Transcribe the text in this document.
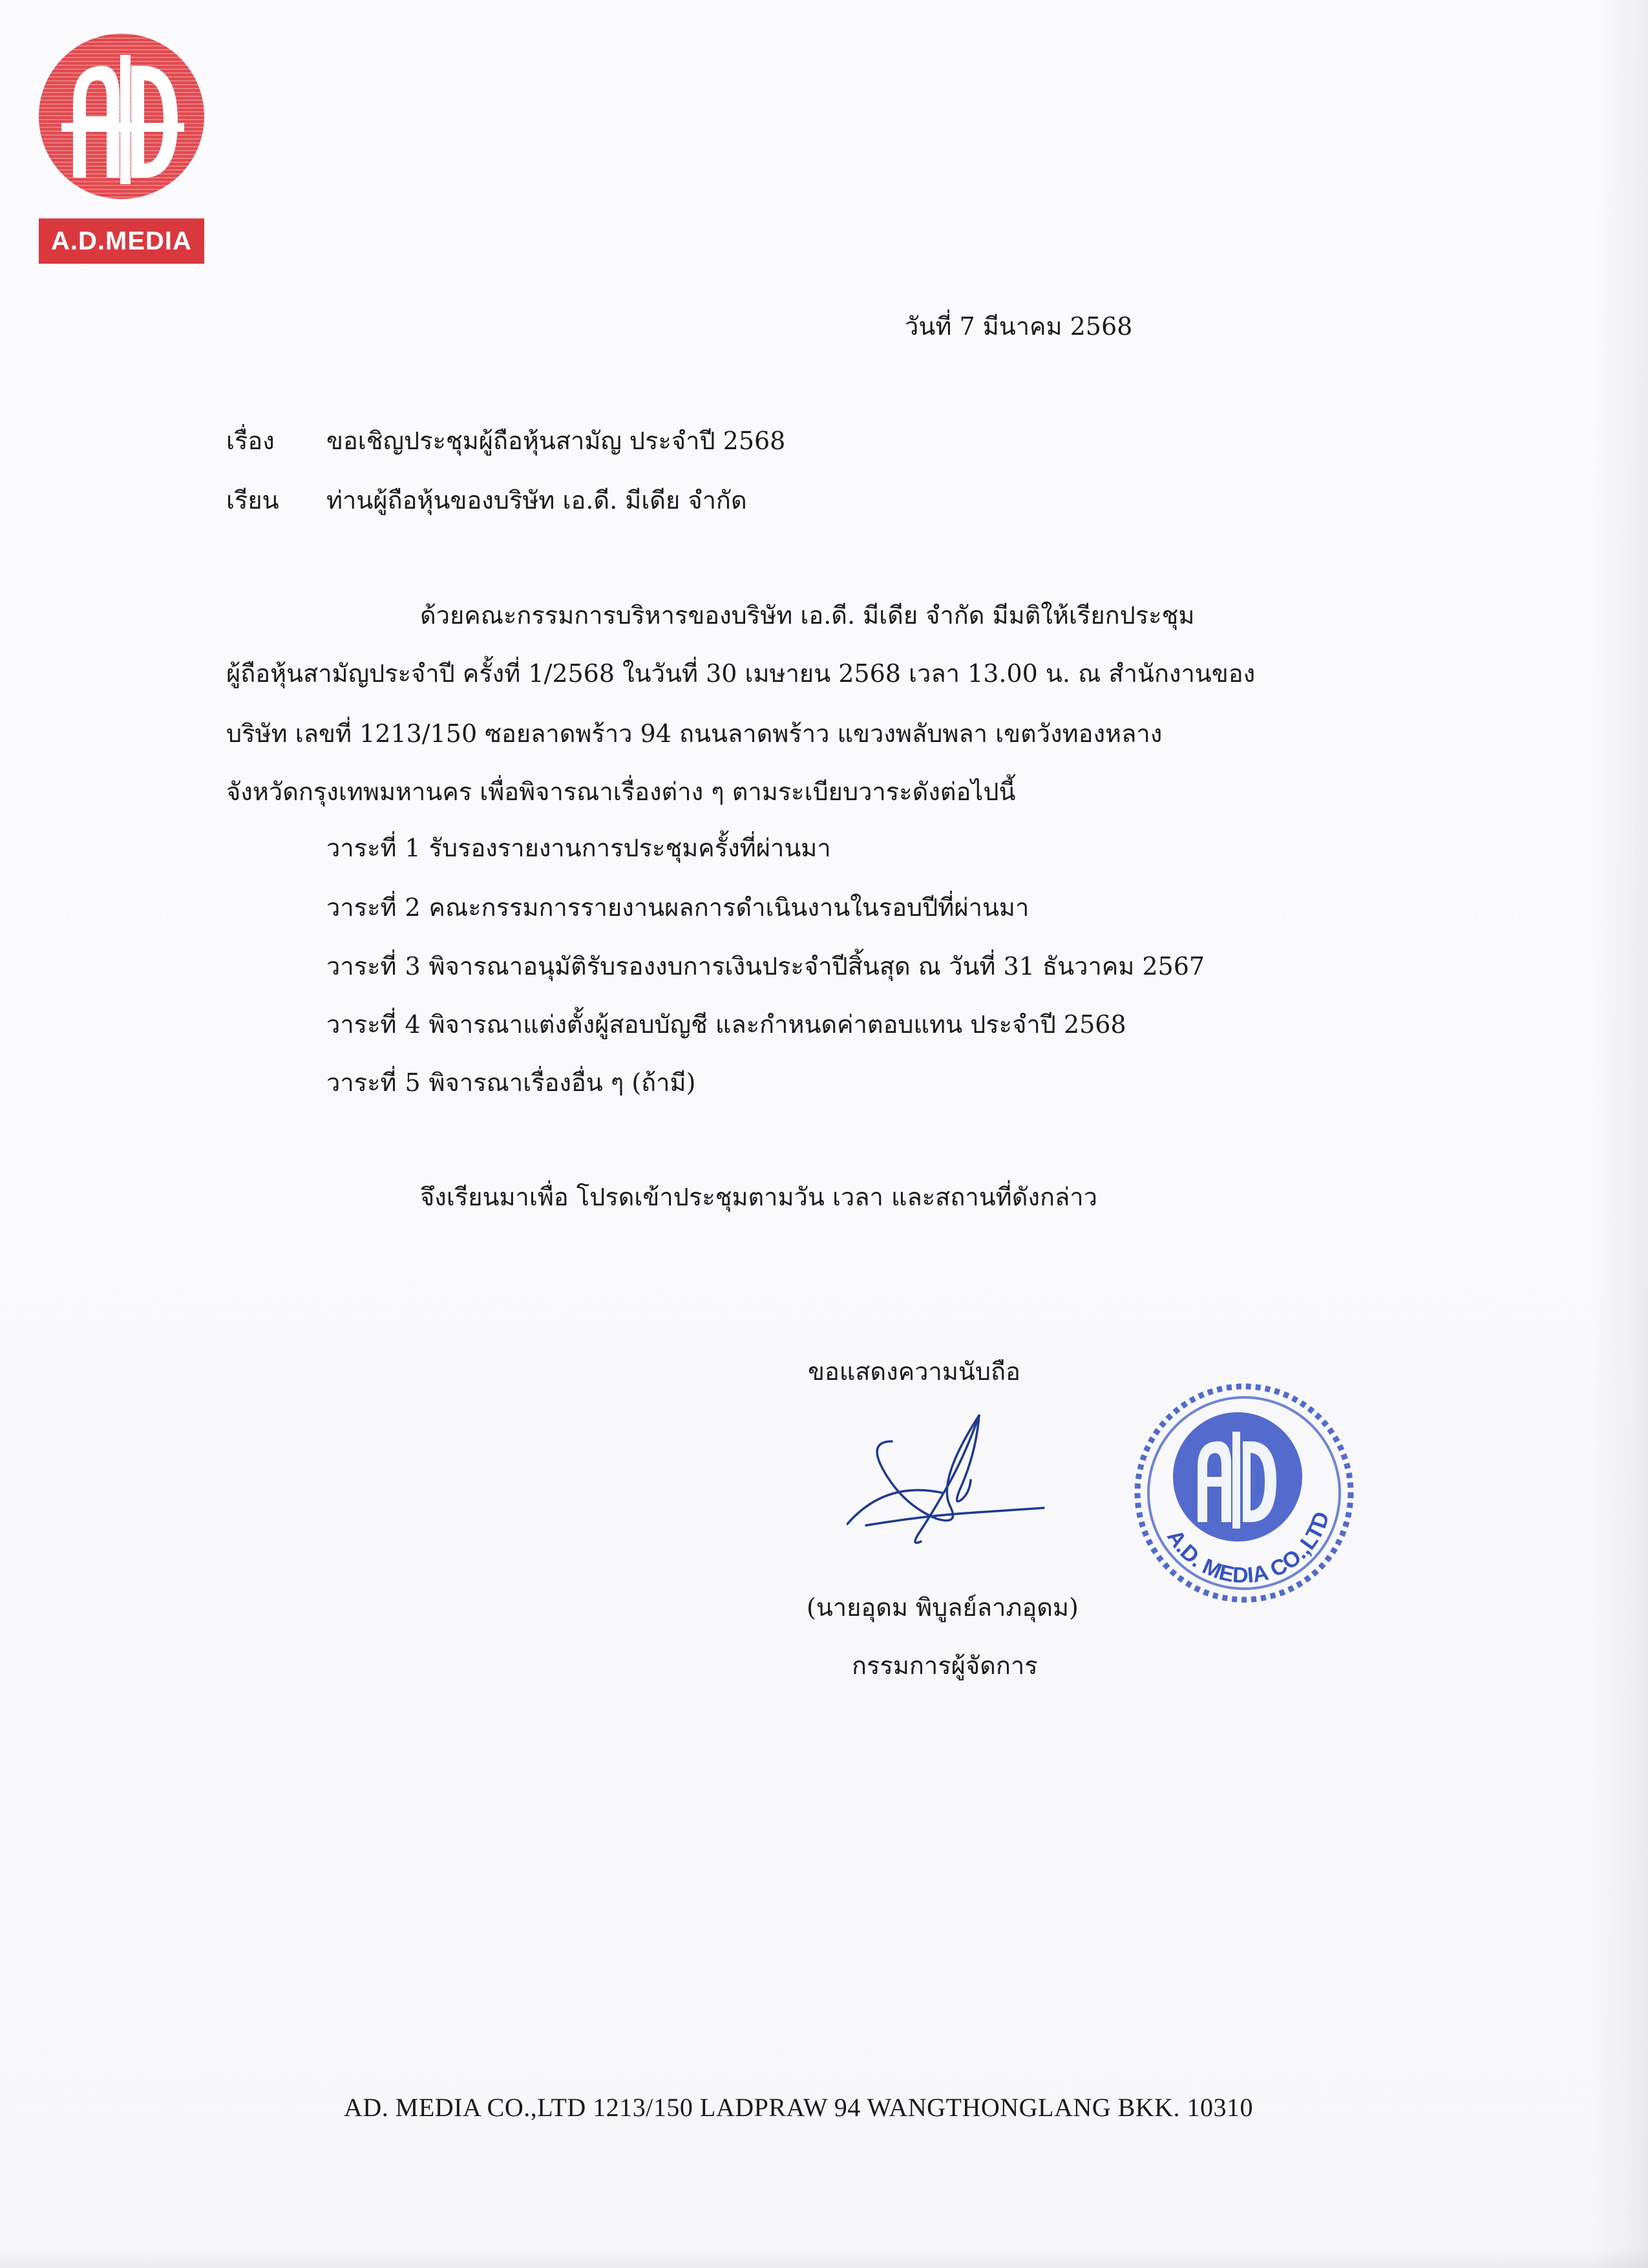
A.D.MEDIA
วันที่ 7 มีนาคม 2568
เรื่อง ขอเชิญประชุมผู้ถือหุ้นสามัญ ประจำปี 2568
เรียน ท่านผู้ถือหุ้นของบริษัท เอ.ดี. มีเดีย จำกัด
ด้วยคณะกรรมการบริหารของบริษัท เอ.ดี. มีเดีย จำกัด มีมติให้เรียกประชุม
ผู้ถือหุ้นสามัญประจำปี ครั้งที่ 1/2568 ในวันที่ 30 เมษายน 2568 เวลา 13.00 น. ณ สำนักงานของ
บริษัท เลขที่ 1213/150 ซอยลาดพร้าว 94 ถนนลาดพร้าว แขวงพลับพลา เขตวังทองหลาง
จังหวัดกรุงเทพมหานคร เพื่อพิจารณาเรื่องต่าง ๆ ตามระเบียบวาระดังต่อไปนี้
วาระที่ 1 รับรองรายงานการประชุมครั้งที่ผ่านมา
วาระที่ 2 คณะกรรมการรายงานผลการดำเนินงานในรอบปีที่ผ่านมา
วาระที่ 3 พิจารณาอนุมัติรับรองงบการเงินประจำปีสิ้นสุด ณ วันที่ 31 ธันวาคม 2567
วาระที่ 4 พิจารณาแต่งตั้งผู้สอบบัญชี และกำหนดค่าตอบแทน ประจำปี 2568
วาระที่ 5 พิจารณาเรื่องอื่น ๆ (ถ้ามี)
จึงเรียนมาเพื่อ โปรดเข้าประชุมตามวัน เวลา และสถานที่ดังกล่าว
ขอแสดงความนับถือ
(นายอุดม พิบูลย์ลาภอุดม)
กรรมการผู้จัดการ
A.D. MEDIA CO.,LTD
AD. MEDIA CO.,LTD 1213/150 LADPRAW 94 WANGTHONGLANG BKK. 10310
